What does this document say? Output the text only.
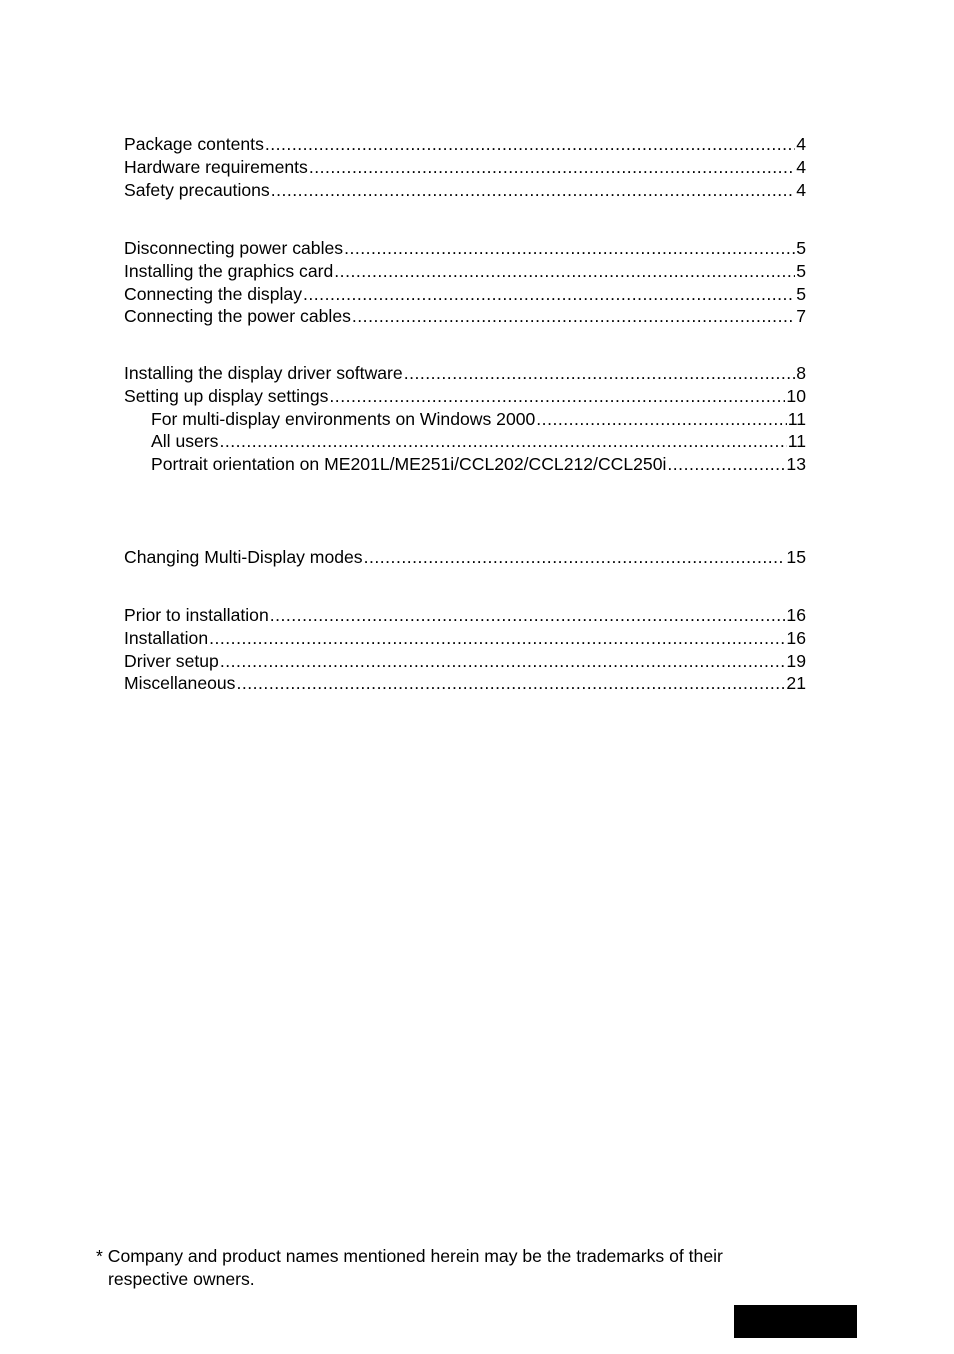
Package contents .....	4
Hardware requirements .....	4
Safety precautions .....	4
Disconnecting power cables .....	5
Installing the graphics card .....	5
Connecting the display .....	5
Connecting the power cables .....	7
Installing the display driver software .....	8
Setting up display settings .....	10
For multi-display environments on Windows 2000 .....	11
All users .....	11
Portrait orientation on ME201L/ME251i/CCL202/CCL212/CCL250i .....	13
Changing Multi-Display modes .....	15
Prior to installation .....	16
Installation .....	16
Driver setup .....	19
Miscellaneous .....	21
* Company and product names mentioned herein may be the trademarks of their
respective owners.
